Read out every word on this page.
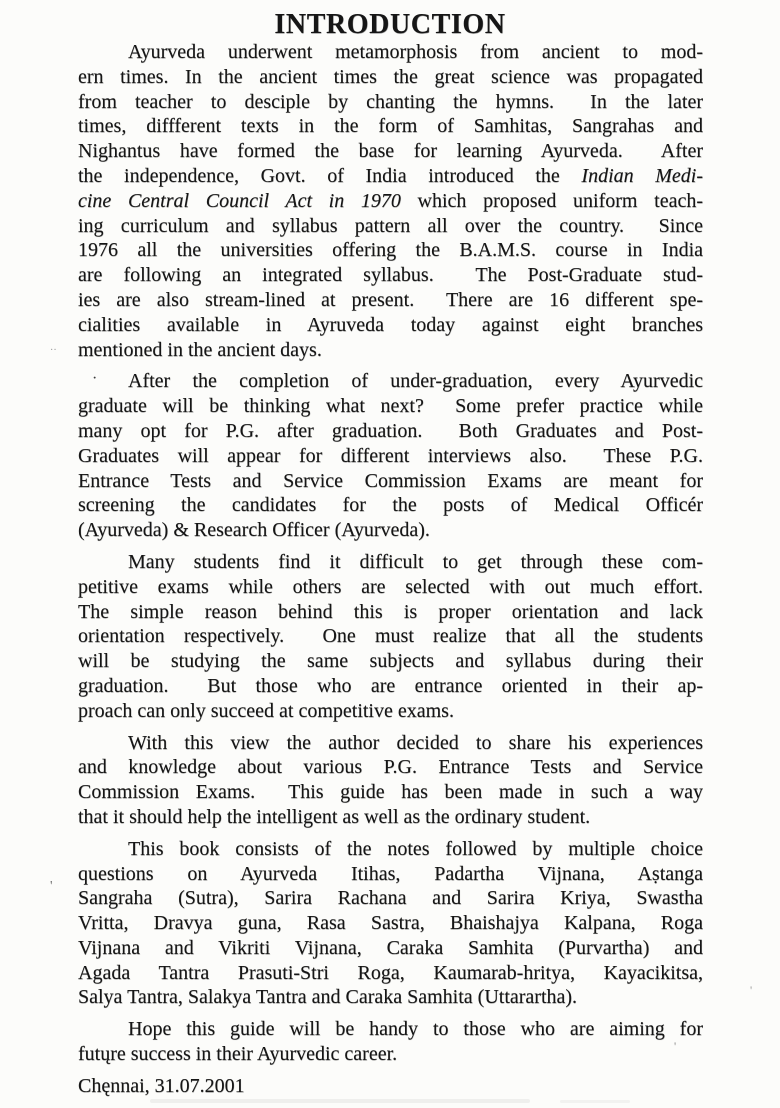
INTRODUCTION
Ayurveda underwent metamorphosis from ancient to mod-
ern times. In the ancient times the great science was propagated
from teacher to desciple by chanting the hymns.  In the later
times, diffferent texts in the form of Samhitas, Sangrahas and
Nighantus have formed the base for learning Ayurveda.  After
the independence, Govt. of India introduced the Indian Medi-
cine Central Council Act in 1970 which proposed uniform teach-
ing curriculum and syllabus pattern all over the country.  Since
1976 all the universities offering the B.A.M.S. course in India
are following an integrated syllabus.  The Post-Graduate stud-
ies are also stream-lined at present.  There are 16 different spe-
cialities available in Ayruveda today against eight branches
mentioned in the ancient days.
After the completion of under-graduation, every Ayurvedic
graduate will be thinking what next?  Some prefer practice while
many opt for P.G. after graduation.  Both Graduates and Post-
Graduates will appear for different interviews also.  These P.G.
Entrance Tests and Service Commission Exams are meant for
screening the candidates for the posts of Medical Officér
(Ayurveda) & Research Officer (Ayurveda).
Many students find it difficult to get through these com-
petitive exams while others are selected with out much effort.
The simple reason behind this is proper orientation and lack
orientation respectively.  One must realize that all the students
will be studying the same subjects and syllabus during their
graduation.  But those who are entrance oriented in their ap-
proach can only succeed at competitive exams.
With this view the author decided to share his experiences
and knowledge about various P.G. Entrance Tests and Service
Commission Exams.  This guide has been made in such a way
that it should help the intelligent as well as the ordinary student.
This book consists of the notes followed by multiple choice
questions on Ayurveda Itihas, Padartha Vijnana, Aṣtanga
Sangraha (Sutra), Sarira Rachana and Sarira Kriya, Swastha
Vritta, Dravya guna, Rasa Sastra, Bhaishajya Kalpana, Roga
Vijnana and Vikriti Vijnana, Caraka Samhita (Purvartha) and
Agada Tantra Prasuti-Stri Roga, Kaumarab-hritya, Kayacikitsa,
Salya Tantra, Salakya Tantra and Caraka Samhita (Uttarartha).
Hope this guide will be handy to those who are aiming for
futųre success in their Ayurvedic career.
Chęnnai, 31.07.2001
·
··
'
'
'
